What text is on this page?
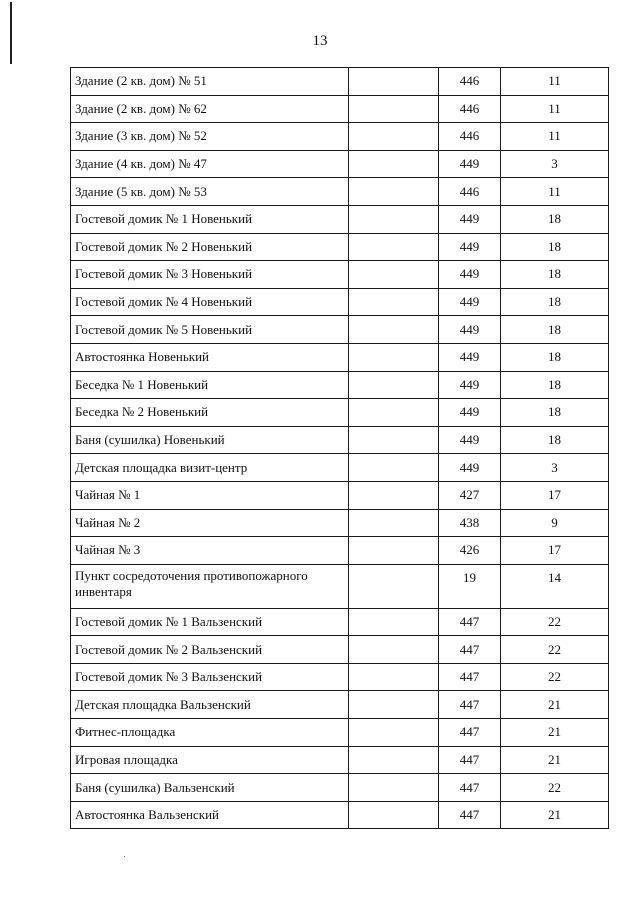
13
Здание (2 кв. дом) № 51		446	11
Здание (2 кв. дом) № 62		446	11
Здание (3 кв. дом) № 52		446	11
Здание (4 кв. дом) № 47		449	3
Здание (5 кв. дом) № 53		446	11
Гостевой домик № 1 Новенький		449	18
Гостевой домик № 2 Новенький		449	18
Гостевой домик № 3 Новенький		449	18
Гостевой домик № 4 Новенький		449	18
Гостевой домик № 5 Новенький		449	18
Автостоянка Новенький		449	18
Беседка № 1 Новенький		449	18
Беседка № 2 Новенький		449	18
Баня (сушилка) Новенький		449	18
Детская площадка визит-центр		449	3
Чайная № 1		427	17
Чайная № 2		438	9
Чайная № 3		426	17
Пункт сосредоточения противопожарного инвентаря		19	14
Гостевой домик № 1 Вальзенский		447	22
Гостевой домик № 2 Вальзенский		447	22
Гостевой домик № 3 Вальзенский		447	22
Детская площадка Вальзенский		447	21
Фитнес-площадка		447	21
Игровая площадка		447	21
Баня (сушилка) Вальзенский		447	22
Автостоянка Вальзенский		447	21
